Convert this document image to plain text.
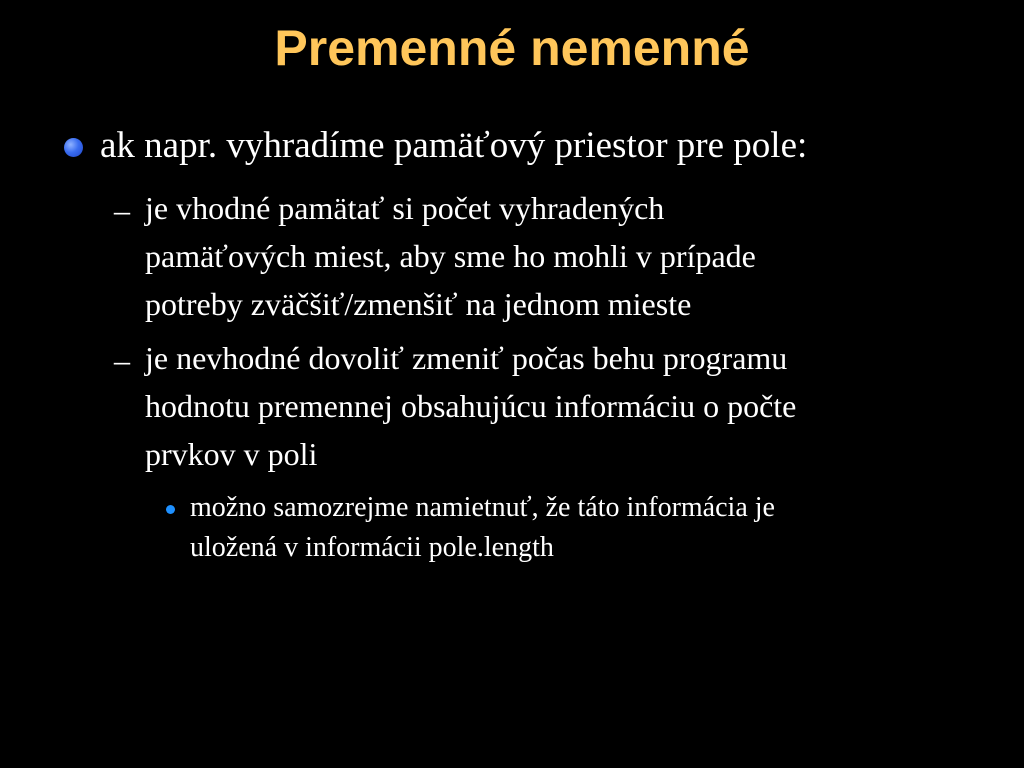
Premenné nemenné
ak napr. vyhradíme pamäťový priestor pre pole:
– je vhodné pamätať si počet vyhradených
pamäťových miest, aby sme ho mohli v prípade
potreby zväčšiť/zmenšiť na jednom mieste
– je nevhodné dovoliť zmeniť počas behu programu
hodnotu premennej obsahujúcu informáciu o počte
prvkov v poli
možno samozrejme namietnuť, že táto informácia je
uložená v informácii pole.length
